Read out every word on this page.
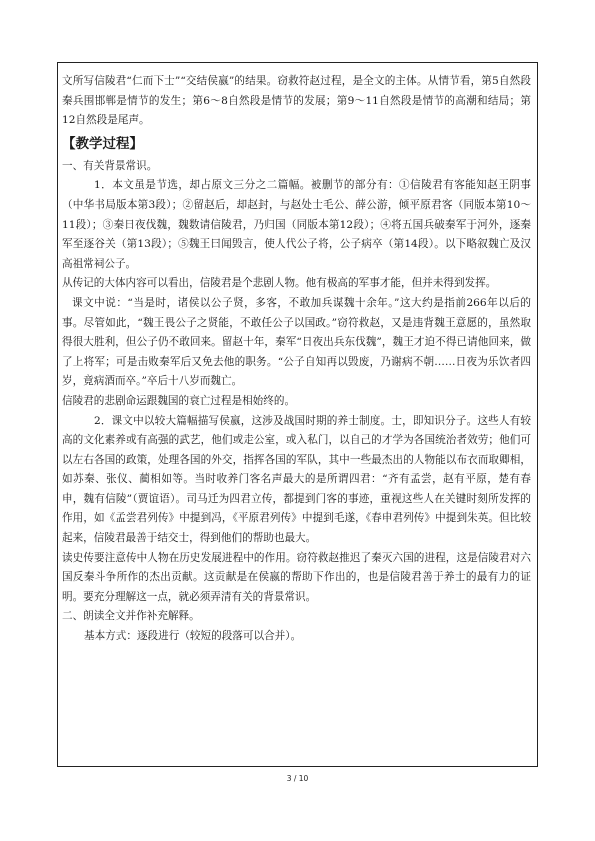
文所写信陵君“仁而下士”“交结侯嬴”的结果。窃救符赵过程，是全文的主体。从情节看，第5自然段秦兵围邯郸是情节的发生；第6～8自然段是情节的发展；第9～11自然段是情节的高潮和结局；第12自然段是尾声。

【教学过程】

一、有关背景常识。

1．本文虽是节选，却占原文三分之二篇幅。被删节的部分有：①信陵君有客能知赵王阴事（中华书局版本第3段）；②留赵后，却赵封，与赵处士毛公、薛公游，倾平原君客（同版本第10～11段）；③秦日夜伐魏，魏数请信陵君，乃归国（同版本第12段）；④将五国兵破秦军于河外，逐秦军至逐谷关（第13段）；⑤魏王曰闻毁言，使人代公子将，公子病卒（第14段）。以下略叙魏亡及汉高祖常祠公子。

从传记的大体内容可以看出，信陵君是个悲剧人物。他有极高的军事才能，但并未得到发挥。

课文中说：“当是时，诸侯以公子贤，多客，不敢加兵谋魏十余年。”这大约是指前266年以后的事。尽管如此，“魏王畏公子之贤能，不敢任公子以国政。”窃符救赵，又是违背魏王意愿的，虽然取得很大胜利，但公子仍不敢回来。留赵十年，秦军“日夜出兵东伐魏”，魏王才迫不得已请他回来，做了上将军；可是击败秦军后又免去他的职务。“公子自知再以毁废，乃谢病不朝……日夜为乐饮者四岁，竟病酒而卒。”卒后十八岁而魏亡。

信陵君的悲剧命运跟魏国的衰亡过程是相始终的。

2．课文中以较大篇幅描写侯嬴，这涉及战国时期的养士制度。士，即知识分子。这些人有较高的文化素养或有高强的武艺，他们或走公室，或入私门，以自己的才学为各国统治者效劳；他们可以左右各国的政策，处理各国的外交，指挥各国的军队，其中一些最杰出的人物能以布衣而取卿相，如苏秦、张仪、蔺相如等。当时收养门客名声最大的是所谓四君：“齐有孟尝，赵有平原，楚有春申，魏有信陵”（贾谊语）。司马迁为四君立传，都提到门客的事迹，重视这些人在关键时刻所发挥的作用，如《孟尝君列传》中提到冯，《平原君列传》中提到毛遂，《春申君列传》中提到朱英。但比较起来，信陵君最善于结交士，得到他们的帮助也最大。

读史传要注意传中人物在历史发展进程中的作用。窃符救赵推迟了秦灭六国的进程，这是信陵君对六国反秦斗争所作的杰出贡献。这贡献是在侯嬴的帮助下作出的，也是信陵君善于养士的最有力的证明。要充分理解这一点，就必须弄清有关的背景常识。

二、朗读全文并作补充解释。

基本方式：逐段进行（较短的段落可以合并）。

3 / 10
